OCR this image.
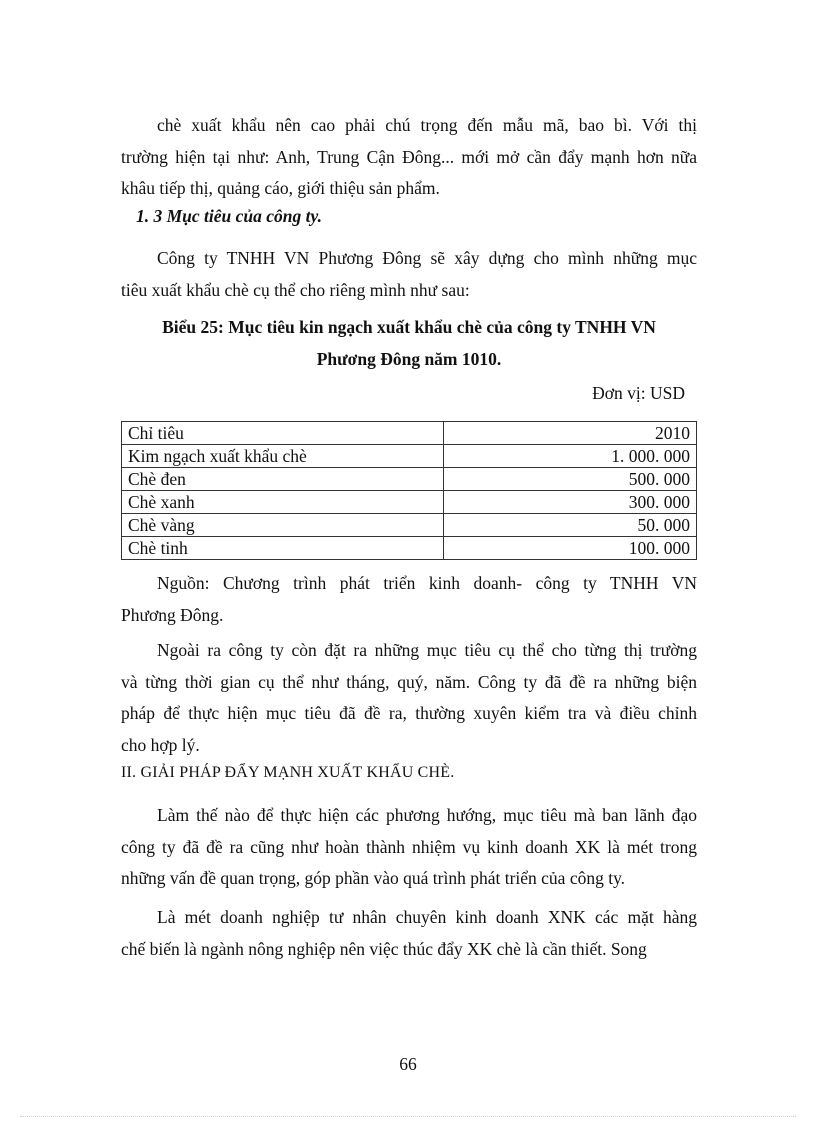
chè xuất khẩu nên cao phải chú trọng đến mẫu mã, bao bì. Với thị
trường hiện tại như: Anh, Trung Cận Đông... mới mở cần đẩy mạnh hơn nữa
khâu tiếp thị, quảng cáo, giới thiệu sản phẩm.
1. 3 Mục tiêu của công ty.
Công ty TNHH VN Phương Đông sẽ xây dựng cho mình những mục
tiêu xuất khẩu chè cụ thể cho riêng mình như sau:
Biểu 25: Mục tiêu kin ngạch xuất khẩu chè của công ty TNHH VN
Phương Đông năm 1010.
Đơn vị: USD
Chỉ tiêu	2010
Kim ngạch xuất khẩu chè	1. 000. 000
Chè đen	500. 000
Chè xanh	300. 000
Chè vàng	50. 000
Chè tinh	100. 000
Nguồn: Chương trình phát triển kinh doanh- công ty TNHH VN
Phương Đông.
Ngoài ra công ty còn đặt ra những mục tiêu cụ thể cho từng thị trường
và từng thời gian cụ thể như tháng, quý, năm. Công ty đã đề ra những biện
pháp để thực hiện mục tiêu đã đề ra, thường xuyên kiểm tra và điều chỉnh
cho hợp lý.
II. GIẢI PHÁP ĐẨY MẠNH XUẤT KHẨU CHÈ.
Làm thế nào để thực hiện các phương hướng, mục tiêu mà ban lãnh đạo
công ty đã đề ra cũng như hoàn thành nhiệm vụ kinh doanh XK là mét trong
những vấn đề quan trọng, góp phần vào quá trình phát triển của công ty.
Là mét doanh nghiệp tư nhân chuyên kinh doanh XNK các mặt hàng
chế biến là ngành nông nghiệp nên việc thúc đẩy XK chè là cần thiết. Song
66
